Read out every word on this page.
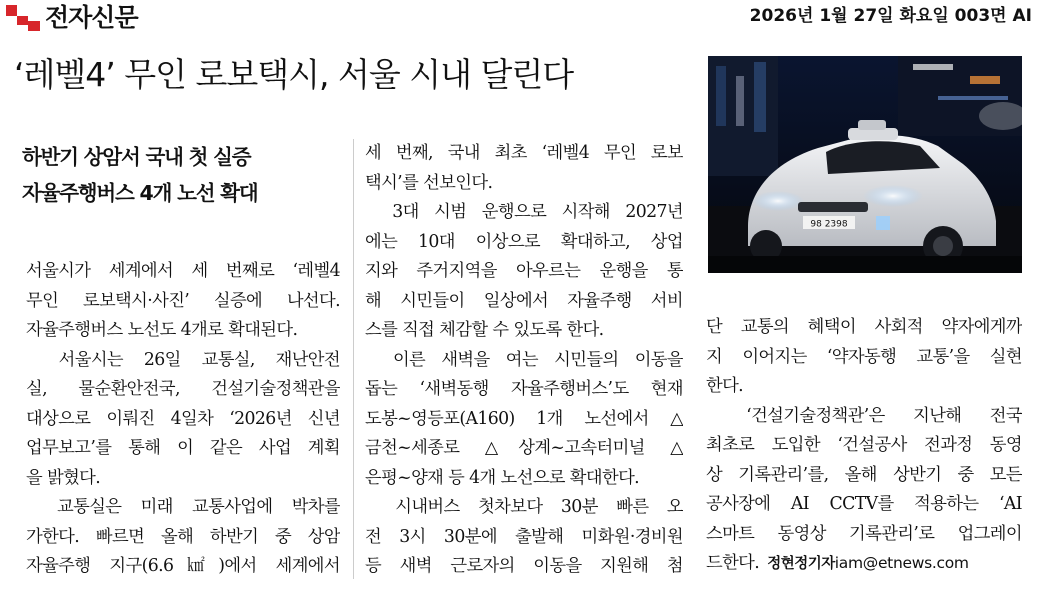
전자신문	2026년 1월 27일 화요일 003면 AI
‘레벨4’ 무인 로보택시, 서울 시내 달린다
하반기 상암서 국내 첫 실증
자율주행버스 4개 노선 확대
서울시가 세계에서 세 번째로 ‘레벨4
무인 로보택시·사진’ 실증에 나선다.
자율주행버스 노선도 4개로 확대된다.
　서울시는 26일 교통실, 재난안전
실, 물순환안전국, 건설기술정책관을
대상으로 이뤄진 4일차 ‘2026년 신년
업무보고’를 통해 이 같은 사업 계획
을 밝혔다.
　교통실은 미래 교통사업에 박차를
가한다. 빠르면 올해 하반기 중 상암
자율주행 지구(6.6㎢)에서 세계에서
세 번째, 국내 최초 ‘레벨4 무인 로보
택시’를 선보인다.
　3대 시범 운행으로 시작해 2027년
에는 10대 이상으로 확대하고, 상업
지와 주거지역을 아우르는 운행을 통
해 시민들이 일상에서 자율주행 서비
스를 직접 체감할 수 있도록 한다.
　이른 새벽을 여는 시민들의 이동을
돕는 ‘새벽동행 자율주행버스’도 현재
도봉~영등포(A160) 1개 노선에서 △
금천~세종로 △상계~고속터미널 △
은평~양재 등 4개 노선으로 확대한다.
　시내버스 첫차보다 30분 빠른 오
전 3시 30분에 출발해 미화원·경비원
등 새벽 근로자의 이동을 지원해 첨
98 2398
단 교통의 혜택이 사회적 약자에게까
지 이어지는 ‘약자동행 교통’을 실현
한다.
　‘건설기술정책관’은 지난해 전국
최초로 도입한 ‘건설공사 전과정 동영
상 기록관리’를, 올해 상반기 중 모든
공사장에 AI CCTV를 적용하는 ‘AI
스마트 동영상 기록관리’로 업그레이
드한다. 정현정기자iam@etnews.com
